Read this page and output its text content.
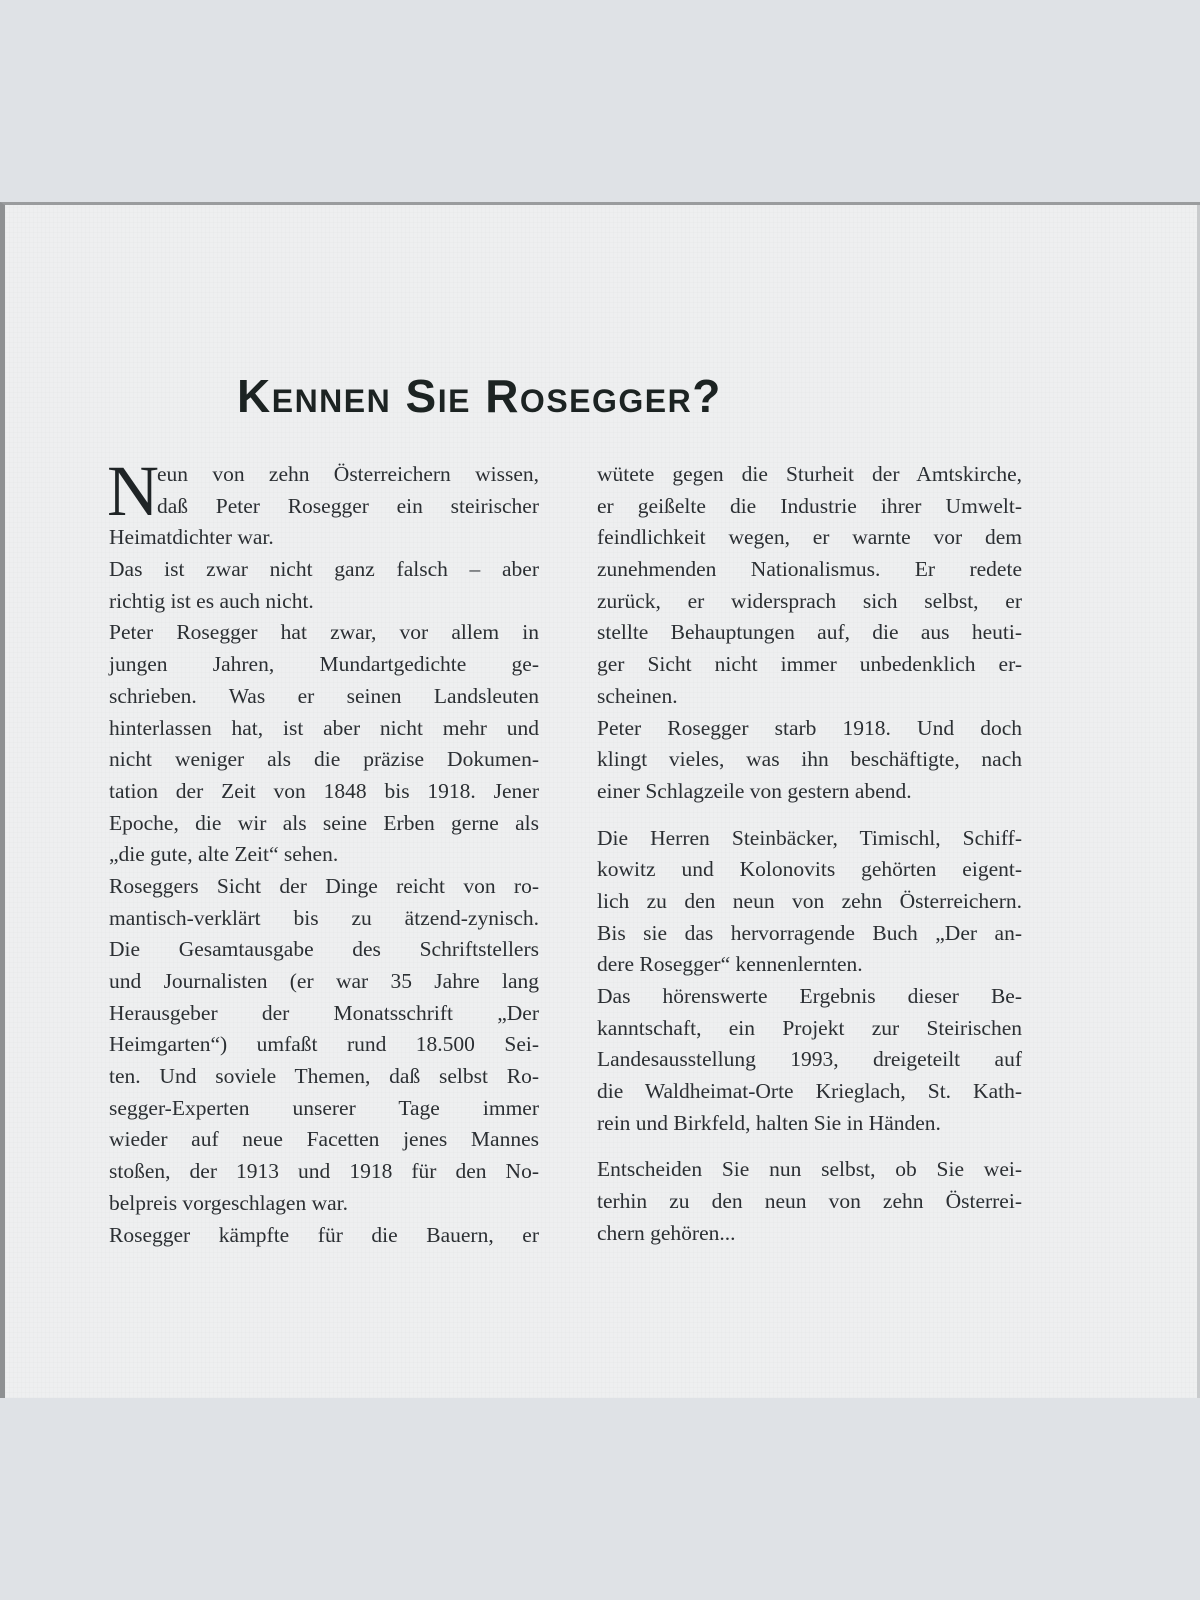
Kennen Sie Rosegger?
N
eun von zehn Österreichern wissen,
daß Peter Rosegger ein steirischer
Heimatdichter war.
Das ist zwar nicht ganz falsch – aber
richtig ist es auch nicht.
Peter Rosegger hat zwar, vor allem in
jungen Jahren, Mundartgedichte ge-
schrieben. Was er seinen Landsleuten
hinterlassen hat, ist aber nicht mehr und
nicht weniger als die präzise Dokumen-
tation der Zeit von 1848 bis 1918. Jener
Epoche, die wir als seine Erben gerne als
„die gute, alte Zeit“ sehen.
Roseggers Sicht der Dinge reicht von ro-
mantisch-verklärt bis zu ätzend-zynisch.
Die Gesamtausgabe des Schriftstellers
und Journalisten (er war 35 Jahre lang
Herausgeber der Monatsschrift „Der
Heimgarten“) umfaßt rund 18.500 Sei-
ten. Und soviele Themen, daß selbst Ro-
segger-Experten unserer Tage immer
wieder auf neue Facetten jenes Mannes
stoßen, der 1913 und 1918 für den No-
belpreis vorgeschlagen war.
Rosegger kämpfte für die Bauern, er
wütete gegen die Sturheit der Amtskirche,
er geißelte die Industrie ihrer Umwelt-
feindlichkeit wegen, er warnte vor dem
zunehmenden Nationalismus. Er redete
zurück, er widersprach sich selbst, er
stellte Behauptungen auf, die aus heuti-
ger Sicht nicht immer unbedenklich er-
scheinen.
Peter Rosegger starb 1918. Und doch
klingt vieles, was ihn beschäftigte, nach
einer Schlagzeile von gestern abend.
Die Herren Steinbäcker, Timischl, Schiff-
kowitz und Kolonovits gehörten eigent-
lich zu den neun von zehn Österreichern.
Bis sie das hervorragende Buch „Der an-
dere Rosegger“ kennenlernten.
Das hörenswerte Ergebnis dieser Be-
kanntschaft, ein Projekt zur Steirischen
Landesausstellung 1993, dreigeteilt auf
die Waldheimat-Orte Krieglach, St. Kath-
rein und Birkfeld, halten Sie in Händen.
Entscheiden Sie nun selbst, ob Sie wei-
terhin zu den neun von zehn Österrei-
chern gehören...
